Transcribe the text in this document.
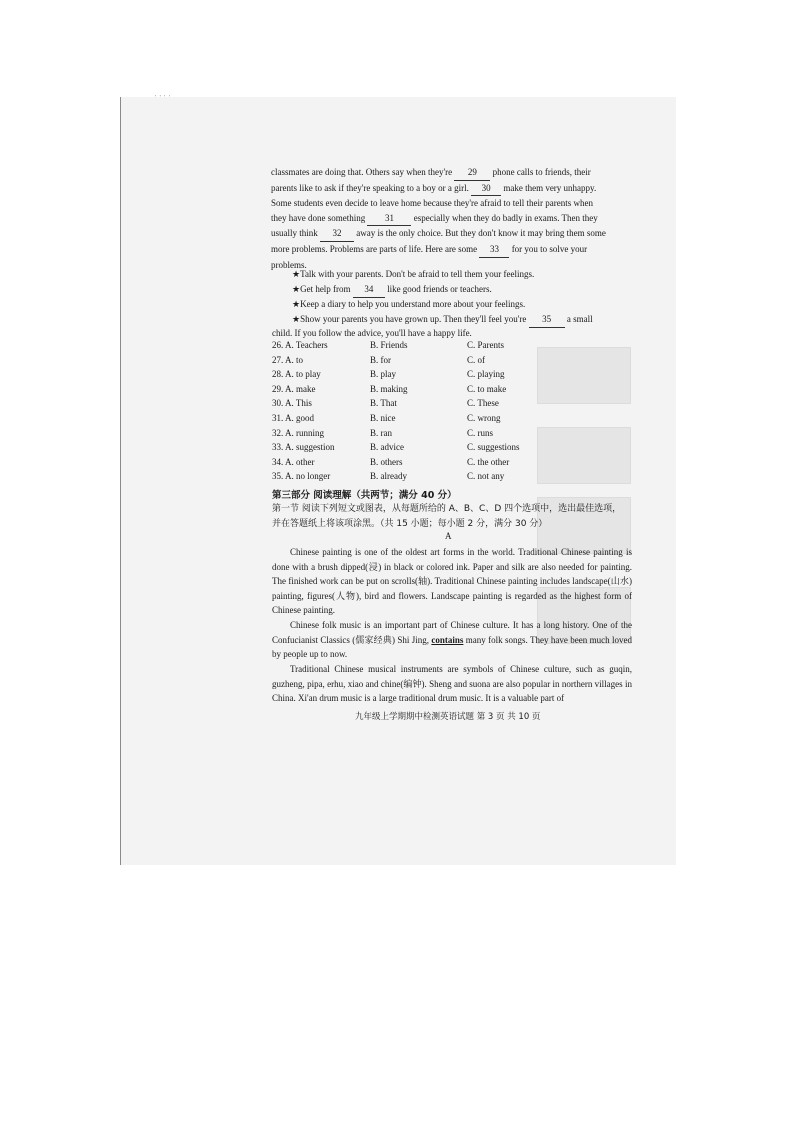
classmates are doing that. Others say when they're 29 phone calls to friends, their
parents like to ask if they're speaking to a boy or a girl. 30 make them very unhappy.
Some students even decide to leave home because they're afraid to tell their parents when
they have done something 31 especially when they do badly in exams. Then they
usually think 32 away is the only choice. But they don't know it may bring them some
more problems. Problems are parts of life. Here are some 33 for you to solve your
problems.
★Talk with your parents. Don't be afraid to tell them your feelings.
★Get help from 34 like good friends or teachers.
★Keep a diary to help you understand more about your feelings.
★Show your parents you have grown up. Then they'll feel you're 35 a small
child. If you follow the advice, you'll have a happy life.
26. A. Teachers	B. Friends	C. Parents
27. A. to	B. for	C. of
28. A. to play	B. play	C. playing
29. A. make	B. making	C. to make
30. A. This	B. That	C. These
31. A. good	B. nice	C. wrong
32. A. running	B. ran	C. runs
33. A. suggestion	B. advice	C. suggestions
34. A. other	B. others	C. the other
35. A. no longer	B. already	C. not any
第三部分 阅读理解（共两节；满分 40 分）
第一节 阅读下列短文或图表，从每题所给的 A、B、C、D 四个选项中，选出最佳选项，
并在答题纸上将该项涂黑。（共 15 小题；每小题 2 分，满分 30 分）
A
Chinese painting is one of the oldest art forms in the world. Traditional Chinese painting is done with a brush dipped(浸) in black or colored ink. Paper and silk are also needed for painting. The finished work can be put on scrolls(轴). Traditional Chinese painting includes landscape(山水) painting, figures(人物), bird and flowers. Landscape painting is regarded as the highest form of Chinese painting.
Chinese folk music is an important part of Chinese culture. It has a long history. One of the Confucianist Classics (儒家经典) Shi Jing, contains many folk songs. They have been much loved by people up to now.
Traditional Chinese musical instruments are symbols of Chinese culture, such as guqin, guzheng, pipa, erhu, xiao and chine(编钟). Sheng and suona are also popular in northern villages in China. Xi'an drum music is a large traditional drum music. It is a valuable part of
九年级上学期期中检测英语试题 第 3 页 共 10 页
